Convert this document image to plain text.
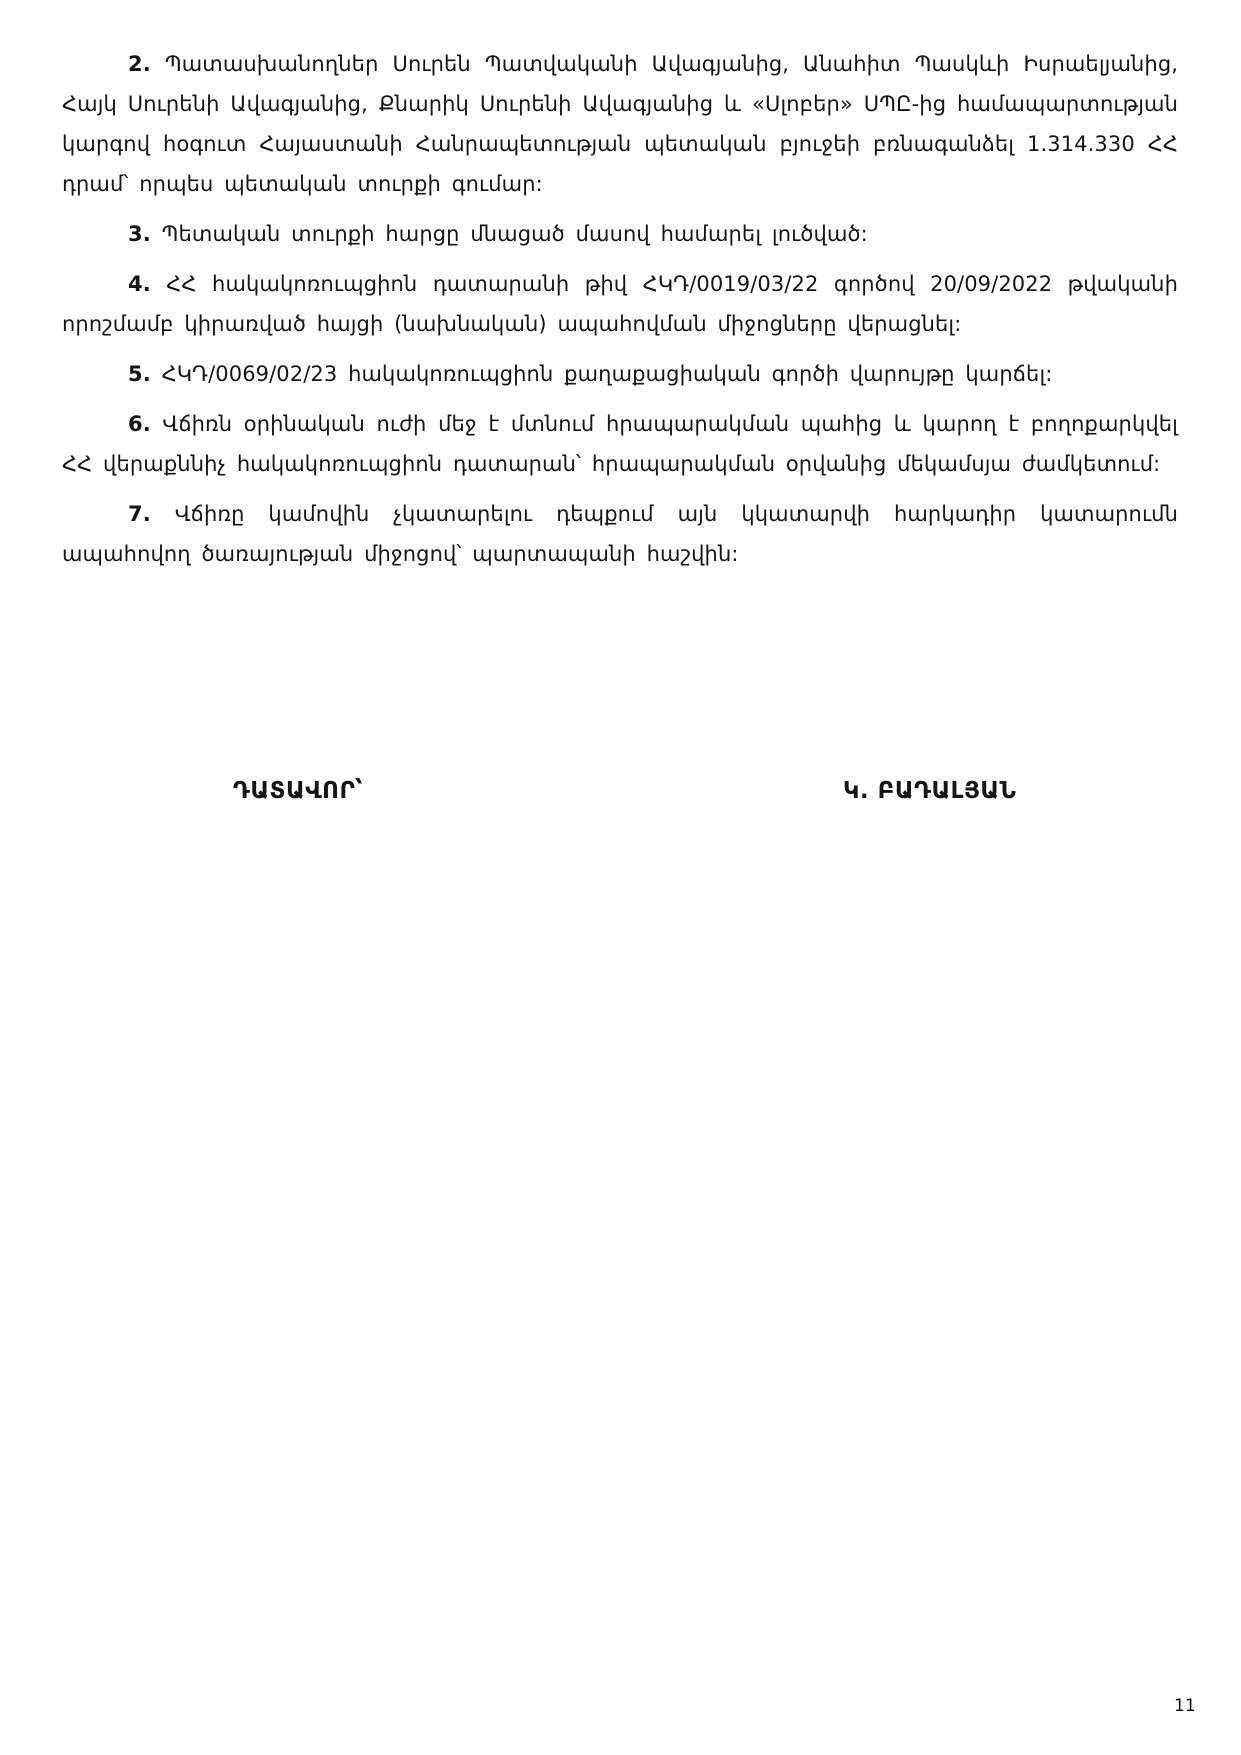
2. Պատասխանողներ Սուրեն Պատվականի Ավագյանից, Անահիտ Պասկևի Իսրաելյանից, Հայկ Սուրենի Ավագյանից, Քնարիկ Սուրենի Ավագյանից և «Սլոբեր» ՍՊԸ-ից համապարտության կարգով հօգուտ Հայաստանի Հանրապետության պետական բյուջեի բռնագանձել 1.314.330 ՀՀ դրամ՝ որպես պետական տուրքի գումար:

3. Պետական տուրքի հարցը մնացած մասով համարել լուծված:

4. ՀՀ հակակոռուպցիոն դատարանի թիվ ՀԿԴ/0019/03/22 գործով 20/09/2022 թվականի որոշմամբ կիրառված հայցի (նախնական) ապահովման միջոցները վերացնել:

5. ՀԿԴ/0069/02/23 հակակոռուպցիոն քաղաքացիական գործի վարույթը կարճել:

6. Վճիռն օրինական ուժի մեջ է մտնում հրապարակման պահից և կարող է բողոքարկվել ՀՀ վերաքննիչ հակակոռուպցիոն դատարան՝ հրապարակման օրվանից մեկամսյա ժամկետում:

7. Վճիռը կամովին չկատարելու դեպքում այն կկատարվի հարկադիր կատարումն ապահովող ծառայության միջոցով՝ պարտապանի հաշվին:

ԴԱՏԱՎՈՐ՝	Կ. ԲԱԴԱԼՅԱՆ
11
